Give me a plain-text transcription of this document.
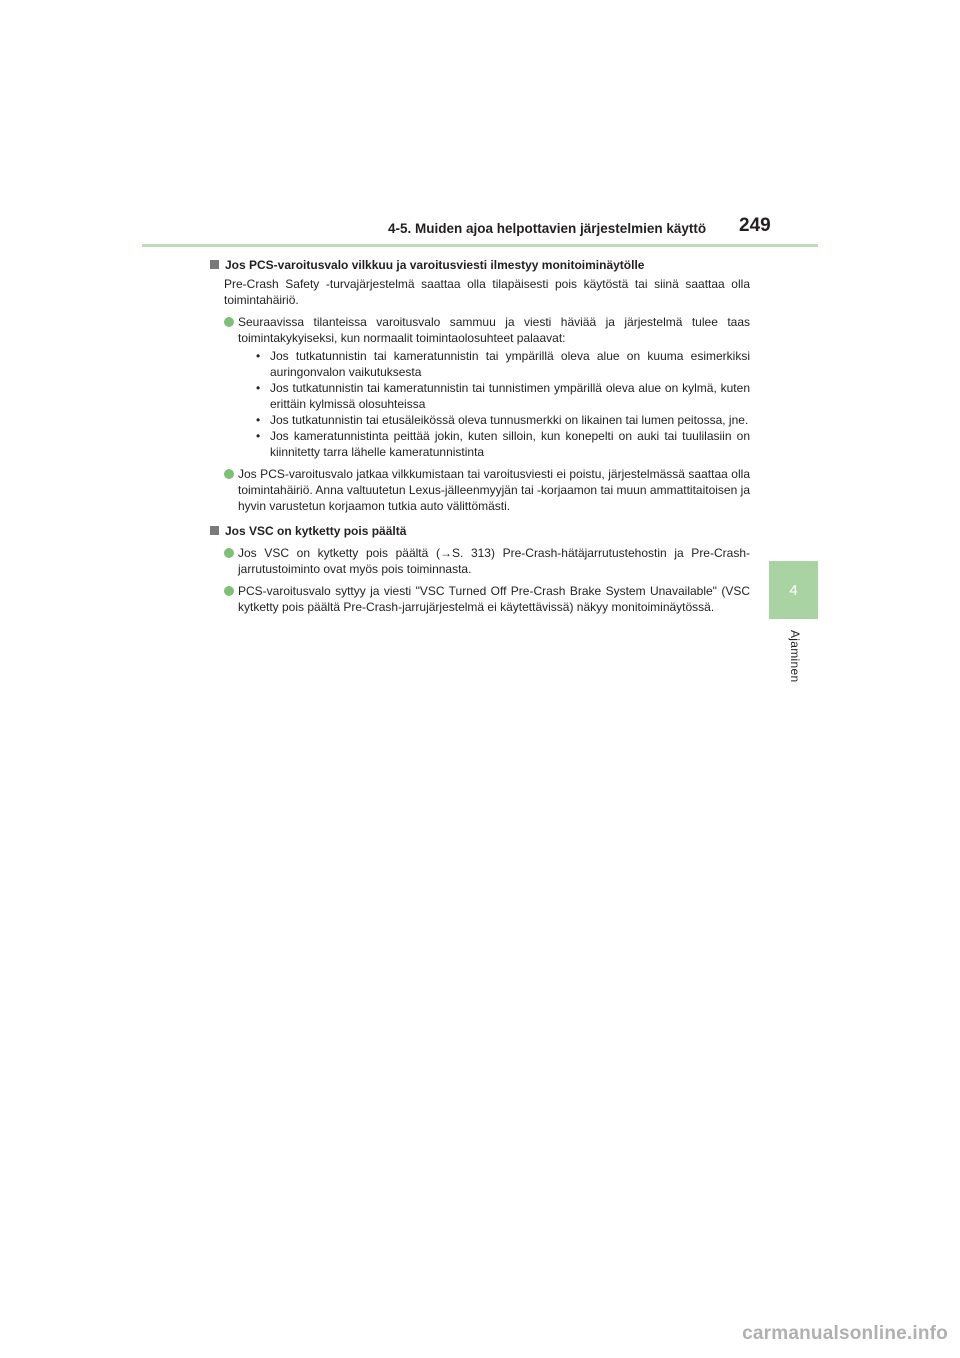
4-5. Muiden ajoa helpottavien järjestelmien käyttö 249
4
Ajaminen
Jos PCS-varoitusvalo vilkkuu ja varoitusviesti ilmestyy monitoiminäytölle
Pre-Crash Safety -turvajärjestelmä saattaa olla tilapäisesti pois käytöstä tai siinä saattaa olla toimintahäiriö.
Seuraavissa tilanteissa varoitusvalo sammuu ja viesti häviää ja järjestelmä tulee taas toimintakykyiseksi, kun normaalit toimintaolosuhteet palaavat:
• Jos tutkatunnistin tai kameratunnistin tai ympärillä oleva alue on kuuma esimerkiksi auringonvalon vaikutuksesta
• Jos tutkatunnistin tai kameratunnistin tai tunnistimen ympärillä oleva alue on kylmä, kuten erittäin kylmissä olosuhteissa
• Jos tutkatunnistin tai etusäleikössä oleva tunnusmerkki on likainen tai lumen peitossa, jne.
• Jos kameratunnistinta peittää jokin, kuten silloin, kun konepelti on auki tai tuulilasiin on kiinnitetty tarra lähelle kameratunnistinta
Jos PCS-varoitusvalo jatkaa vilkkumistaan tai varoitusviesti ei poistu, järjestelmässä saattaa olla toimintahäiriö. Anna valtuutetun Lexus-jälleenmyyjän tai -korjaamon tai muun ammattitaitoisen ja hyvin varustetun korjaamon tutkia auto välittömästi.
Jos VSC on kytketty pois päältä
Jos VSC on kytketty pois päältä (→S. 313) Pre-Crash-hätäjarrutustehostin ja Pre-Crash-jarrutustoiminto ovat myös pois toiminnasta.
PCS-varoitusvalo syttyy ja viesti "VSC Turned Off Pre-Crash Brake System Unavailable" (VSC kytketty pois päältä Pre-Crash-jarrujärjestelmä ei käytettävissä) näkyy monitoiminäytössä.
carmanualsonline.info
